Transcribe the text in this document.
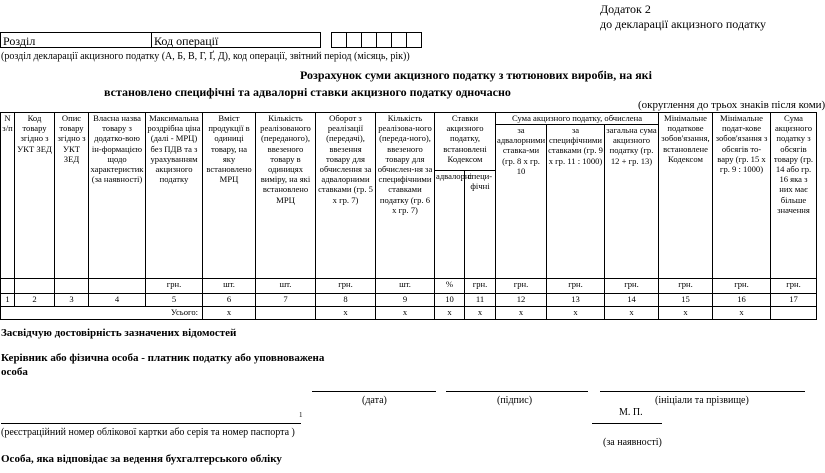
Додаток 2
до декларації акцизного податку
Розділ	Код операції
(розділ декларації акцизного податку (А, Б, В, Г, Ґ, Д), код операції, звітний період (місяць, рік))
Розрахунок суми акцизного податку з тютюнових виробів, на які
встановлено специфічні та адвалорні ставки акцизного податку одночасно
(округлення до трьох знаків після коми)
N з/п	Код товару згідно з УКТ ЗЕД	Опис товару згідно з УКТ ЗЕД	Власна назва товару з додатко-вою ін-формацією щодо характеристик (за наявності)	Максимальна роздрібна ціна (далі - МРЦ) без ПДВ та з урахуванням акцизного податку	Вміст продукції в одиниці товару, на яку встановлено МРЦ	Кількість реалізованого (переданого), ввезеного товару в одиницях виміру, на які встановлено МРЦ	Оборот з реалізації (передачі), ввезення товару для обчислення за адвалорними ставками (гр. 5 х гр. 7)	Кількість реалізова-ного (переда-ного), ввезеного товару для обчислен-ня за специфічними ставками податку (гр. 6 х гр. 7)	Ставки акцизного податку, встановлені Кодексом		Сума акцизного податку, обчислена			Мінімальне податкове зобов'язання, встановлене Кодексом	Мінімальне подат-кове зобов'язання з обсягів то-вару (гр. 15 х гр. 9 : 1000)	Сума акцизного податку з обсягів товару (гр. 14 або гр. 16 яка з них має більше значення
											за адвалорними ставка-ми (гр. 8 х гр. 10	за специфічними ставками (гр. 9 х гр. 11 : 1000)	загальна сума акцизного податку (гр. 12 + гр. 13)			
									адвалорні	специ-фічні						
				грн.	шт.	шт.	грн.	шт.	%	грн.	грн.	грн.	грн.	грн.	грн.	грн.
1	2	3	4	5	6	7	8	9	10	11	12	13	14	15	16	17
Усього:					x		x	x	x	x	x	x	x	x	x	
Засвідчую достовірність зазначених відомостей
Керівник або фізична особа - платник податку або уповноважена
особа
(дата)	(підпис)	(ініціали та прізвище)
М. П.
1
(реєстраційний номер облікової картки або серія та номер паспорта )
(за наявності)
Особа, яка відповідає за ведення бухгалтерського обліку
